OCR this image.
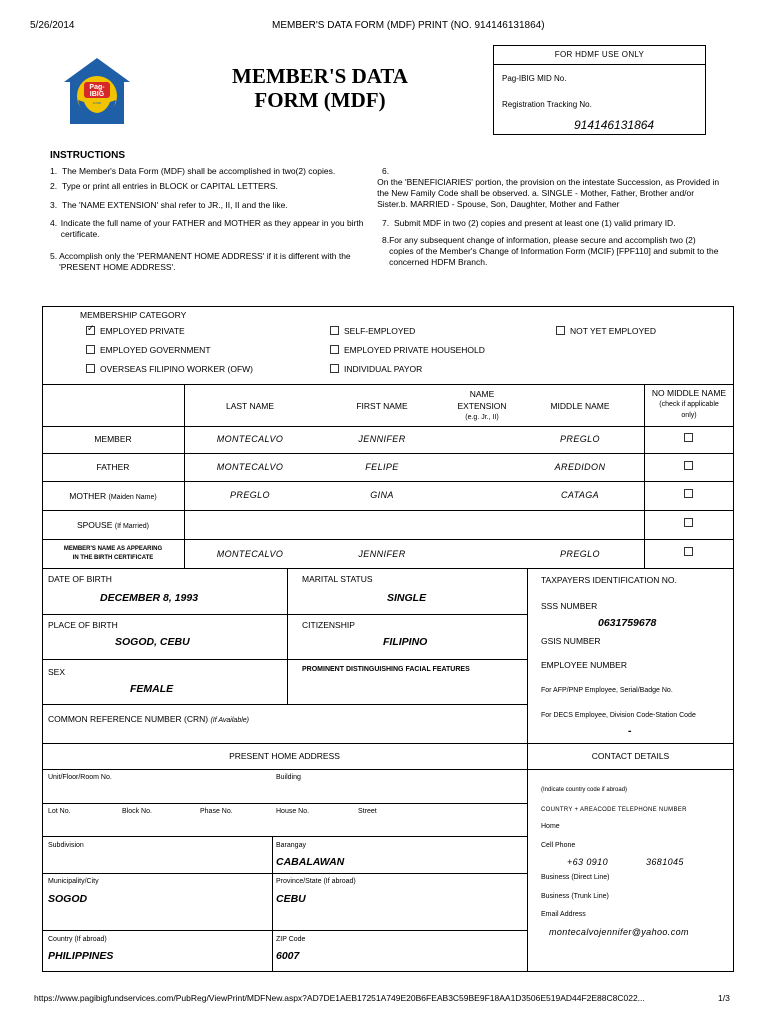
5/26/2014	MEMBER'S DATA FORM (MDF) PRINT (NO. 914146131864)
Pag-
IBIG
FUND
MEMBER'S DATA
FORM (MDF)
FOR HDMF USE ONLY
Pag-IBIG MID No.
Registration Tracking No.
914146131864
INSTRUCTIONS
1. The Member's Data Form (MDF) shall be accomplished in two(2) copies.
2. Type or print all entries in BLOCK or CAPITAL LETTERS.
3. The 'NAME EXTENSION' shal refer to JR., II, II and the like.
4. Indicate the full name of your FATHER and MOTHER as they appear in you birth certificate.
5. Accomplish only the 'PERMANENT HOME ADDRESS' if it is different with the 'PRESENT HOME ADDRESS'.
6.
On the 'BENEFICIARIES' portion, the provision on the intestate Succession, as Provided in the New Family Code shall be observed. a. SINGLE - Mother, Father, Brother and/or Sister.b. MARRIED - Spouse, Son, Daughter, Mother and Father
7. Submit MDF in two (2) copies and present at least one (1) valid primary ID.
8. For any subsequent change of information, please secure and accomplish two (2) copies of the Member's Change of Information Form (MCIF) [FPF110] and submit to the concerned HDFM Branch.
MEMBERSHIP CATEGORY
✓EMPLOYED PRIVATE
EMPLOYED GOVERNMENT
OVERSEAS FILIPINO WORKER (OFW)
SELF-EMPLOYED
EMPLOYED PRIVATE HOUSEHOLD
INDIVIDUAL PAYOR
NOT YET EMPLOYED
LAST NAME	FIRST NAME
NAME
EXTENSION
(e.g. Jr., II)
MIDDLE NAME
NO MIDDLE NAME
(check if applicable
only)
MEMBER	MONTECALVO	JENNIFER	PREGLO
FATHER	MONTECALVO	FELIPE	AREDIDON
MOTHER (Maiden Name)	PREGLO	GINA	CATAGA
SPOUSE (If Married)
MEMBER'S NAME AS APPEARING
IN THE BIRTH CERTIFICATE	MONTECALVO	JENNIFER	PREGLO
DATE OF BIRTH
DECEMBER 8, 1993
MARITAL STATUS
SINGLE
PLACE OF BIRTH
SOGOD, CEBU
CITIZENSHIP
FILIPINO
SEX
FEMALE
PROMINENT DISTINGUISHING FACIAL FEATURES
COMMON REFERENCE NUMBER (CRN) (If Available)
TAXPAYERS IDENTIFICATION NO.
SSS NUMBER
0631759678
GSIS NUMBER
EMPLOYEE NUMBER
For AFP/PNP Employee, Serial/Badge No.
For DECS Employee, Division Code-Station Code
-
PRESENT HOME ADDRESS	CONTACT DETAILS
Unit/Floor/Room No.	Building
Lot No.	Block No.	Phase No.	House No.	Street
Subdivision	Barangay
CABALAWAN
Municipality/City
SOGOD
Province/State (If abroad)
CEBU
Country (If abroad)
PHILIPPINES
ZIP Code
6007
(Indicate country code if abroad)
COUNTRY + AREACODE TELEPHONE NUMBER
Home
Cell Phone
+63 0910	3681045
Business (Direct Line)
Business (Trunk Line)
Email Address
montecalvojennifer@yahoo.com
https://www.pagibigfundservices.com/PubReg/ViewPrint/MDFNew.aspx?AD7DE1AEB17251A749E20B6FEAB3C59BE9F18AA1D3506E519AD44F2E88C8C022...	1/3
